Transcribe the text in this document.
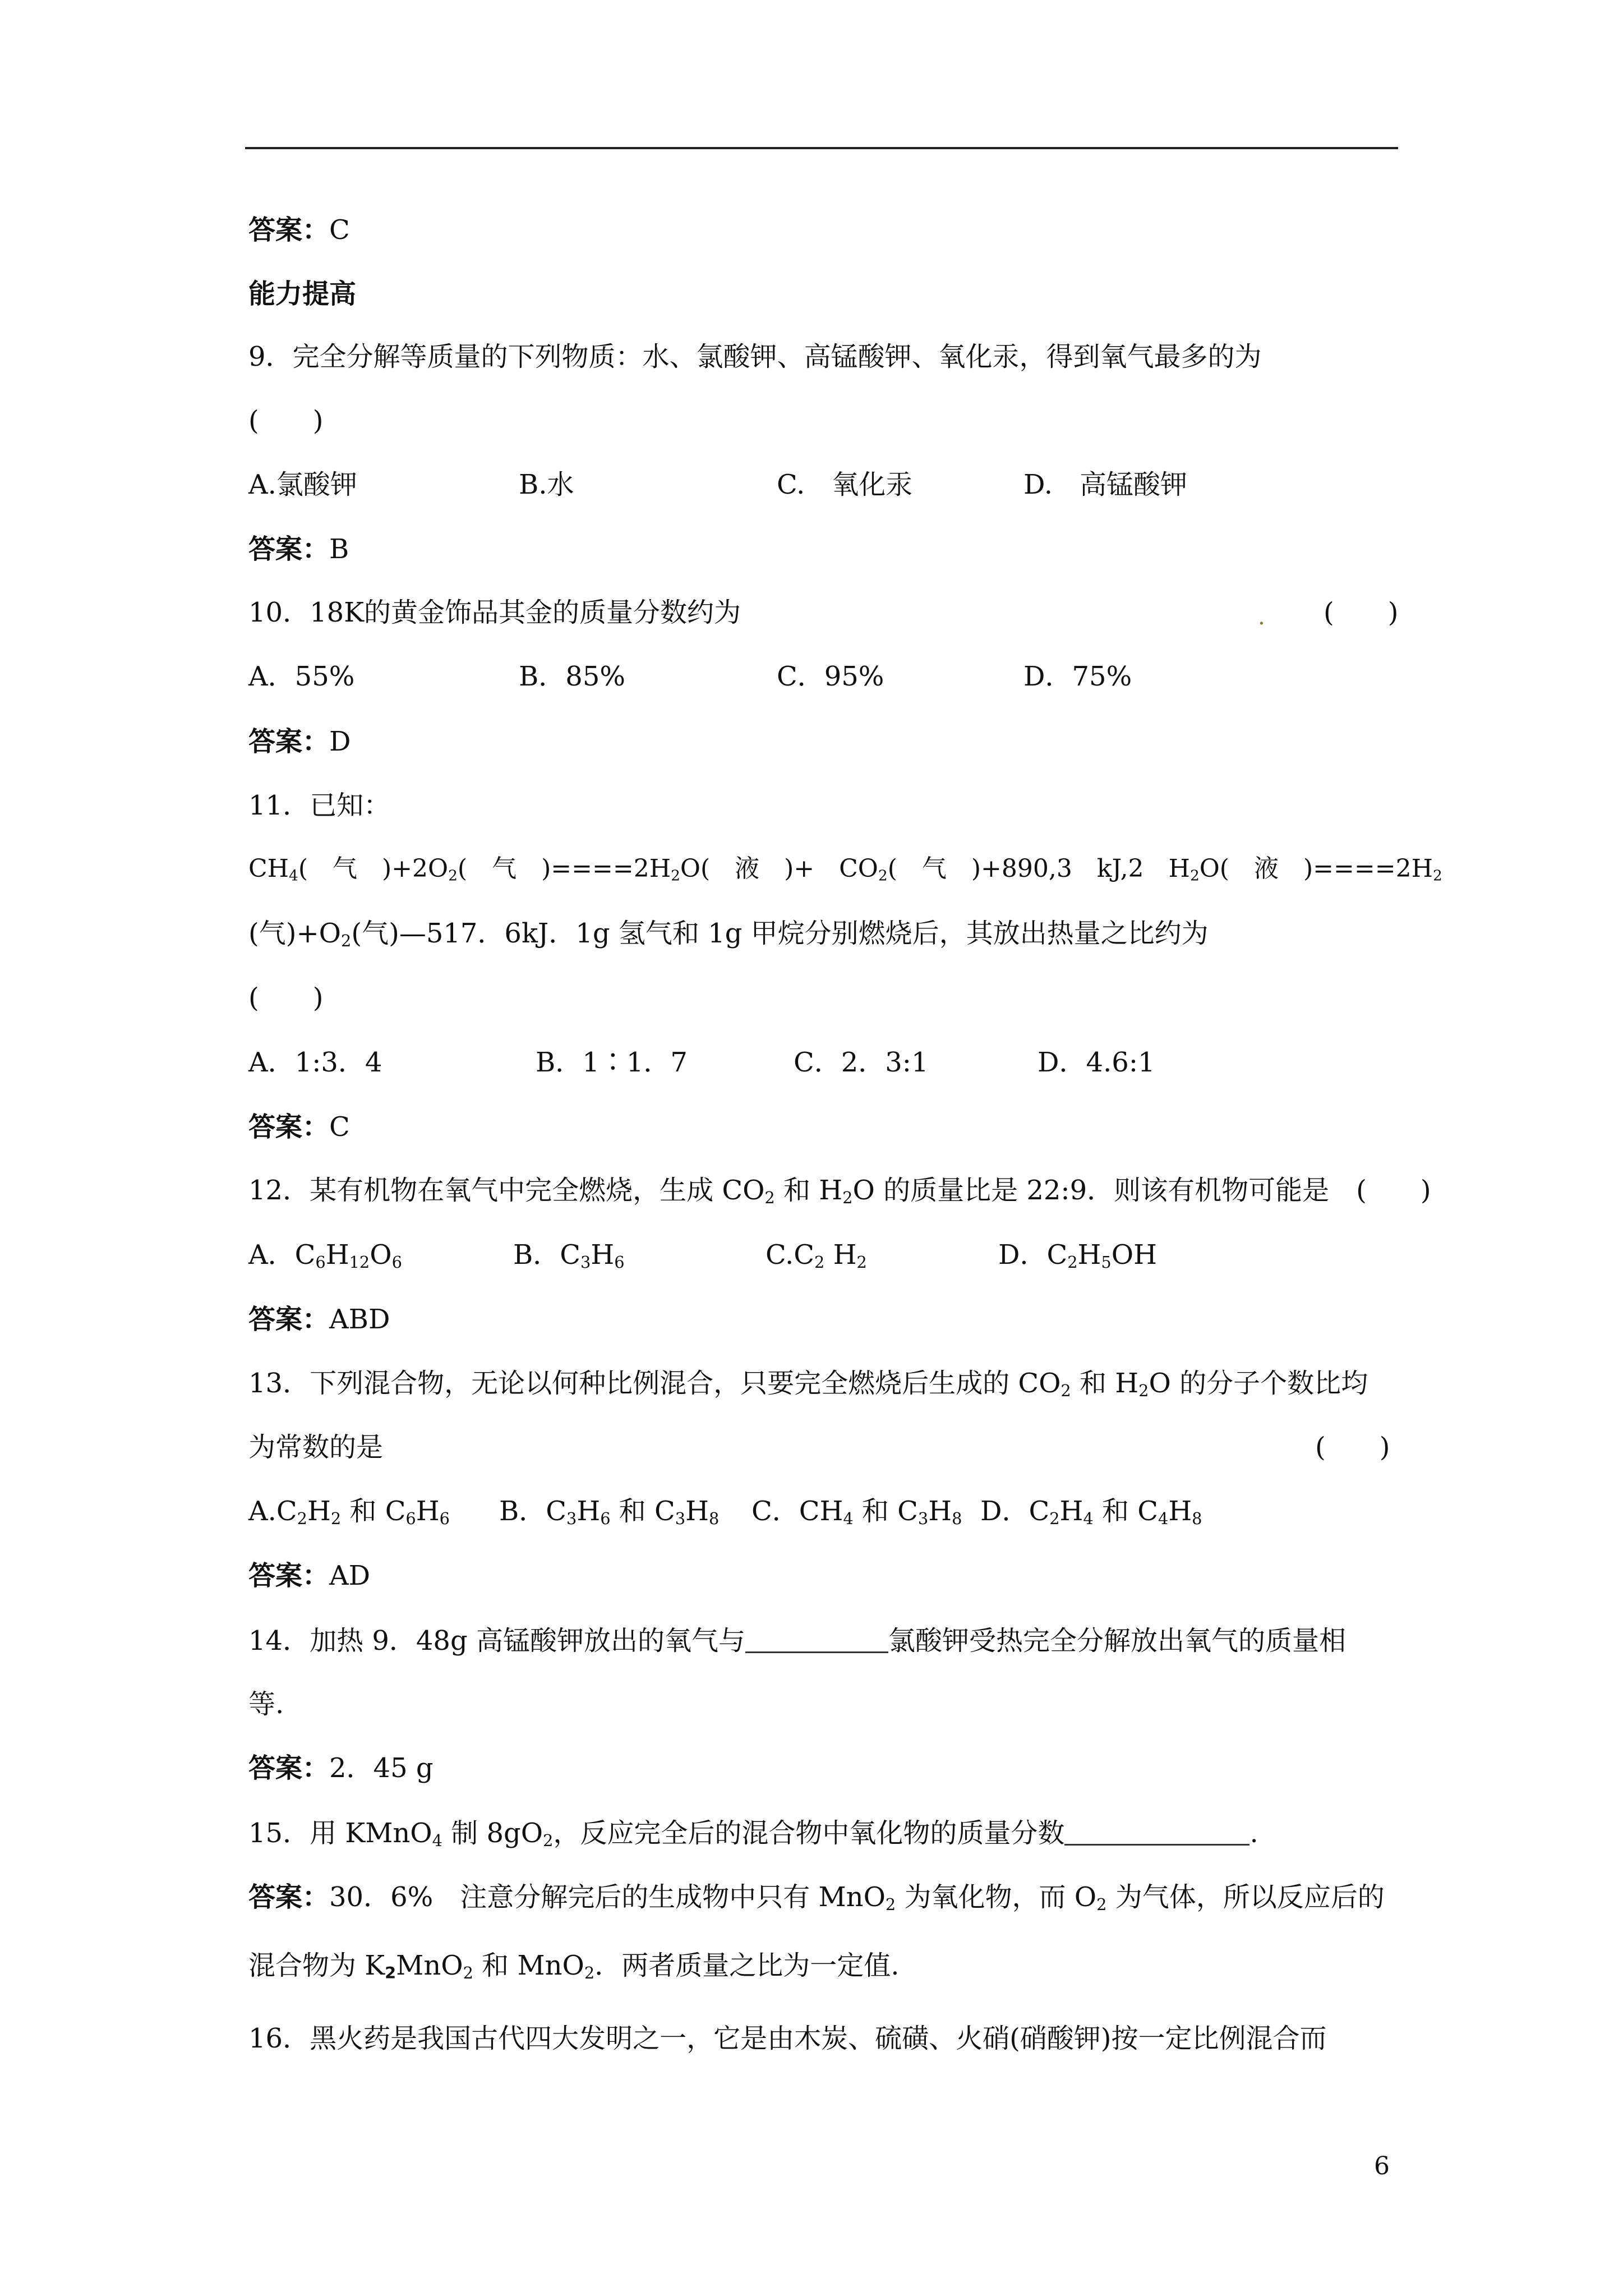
答案：C
能力提高
9．完全分解等质量的下列物质：水、氯酸钾、高锰酸钾、氧化汞，得到氧气最多的为
(　　)
A.氯酸钾	B.水	C.　氧化汞	D.　高锰酸钾
答案：B
10．18K的黄金饰品其金的质量分数约为	. (　　)
A．55%	B．85%	C．95%	D．75%
答案：D
11．已知：
$CH_4$(　气　)$+2O_2$(　气　)$====2H_2O$(　液　)+　$CO_2$(　气　)+890,3　kJ,2　$H_2O$(　液　)$====2H_2$
(气)$+O_2$(气)—517．6kJ．1g 氢气和 1g 甲烷分别燃烧后，其放出热量之比约为
(　　)
A．1:3．4	B．1∶1．7	C．2．3:1	D．4.6:1
答案：C
12．某有机物在氧气中完全燃烧，生成 $CO_2$ 和 $H_2O$ 的质量比是 22:9．则该有机物可能是　(　　)
A．$C_6H_{12}O_6$	B．$C_3H_6$	$C.C_2$ $H_2$	D．$C_2H_5OH$
答案：ABD
13．下列混合物，无论以何种比例混合，只要完全燃烧后生成的 $CO_2$ 和 $H_2O$ 的分子个数比均
为常数的是	(　　)
$A.C_2H_2$ 和 $C_6H_6$ B．$C_3H_6$ 和 $C_3H_8$ C．$CH_4$ 和 $C_3H_8$ D．$C_2H_4$ 和 $C_4H_8$
答案：AD
14．加热 9．48g 高锰酸钾放出的氧气与	氯酸钾受热完全分解放出氧气的质量相
等.
答案：2．45 g
15．用 KMnO$_4$ 制 $8gO_2$，反应完全后的混合物中氧化物的质量分数	.
答案：30．6%　注意分解完后的生成物中只有 MnO$_2$ 为氧化物，而 $O_2$ 为气体，所以反应后的
混合物为 $K_2MnO_2$ 和 MnO$_2$．两者质量之比为一定值.
16．黑火药是我国古代四大发明之一，它是由木炭、硫磺、火硝(硝酸钾)按一定比例混合而
6
